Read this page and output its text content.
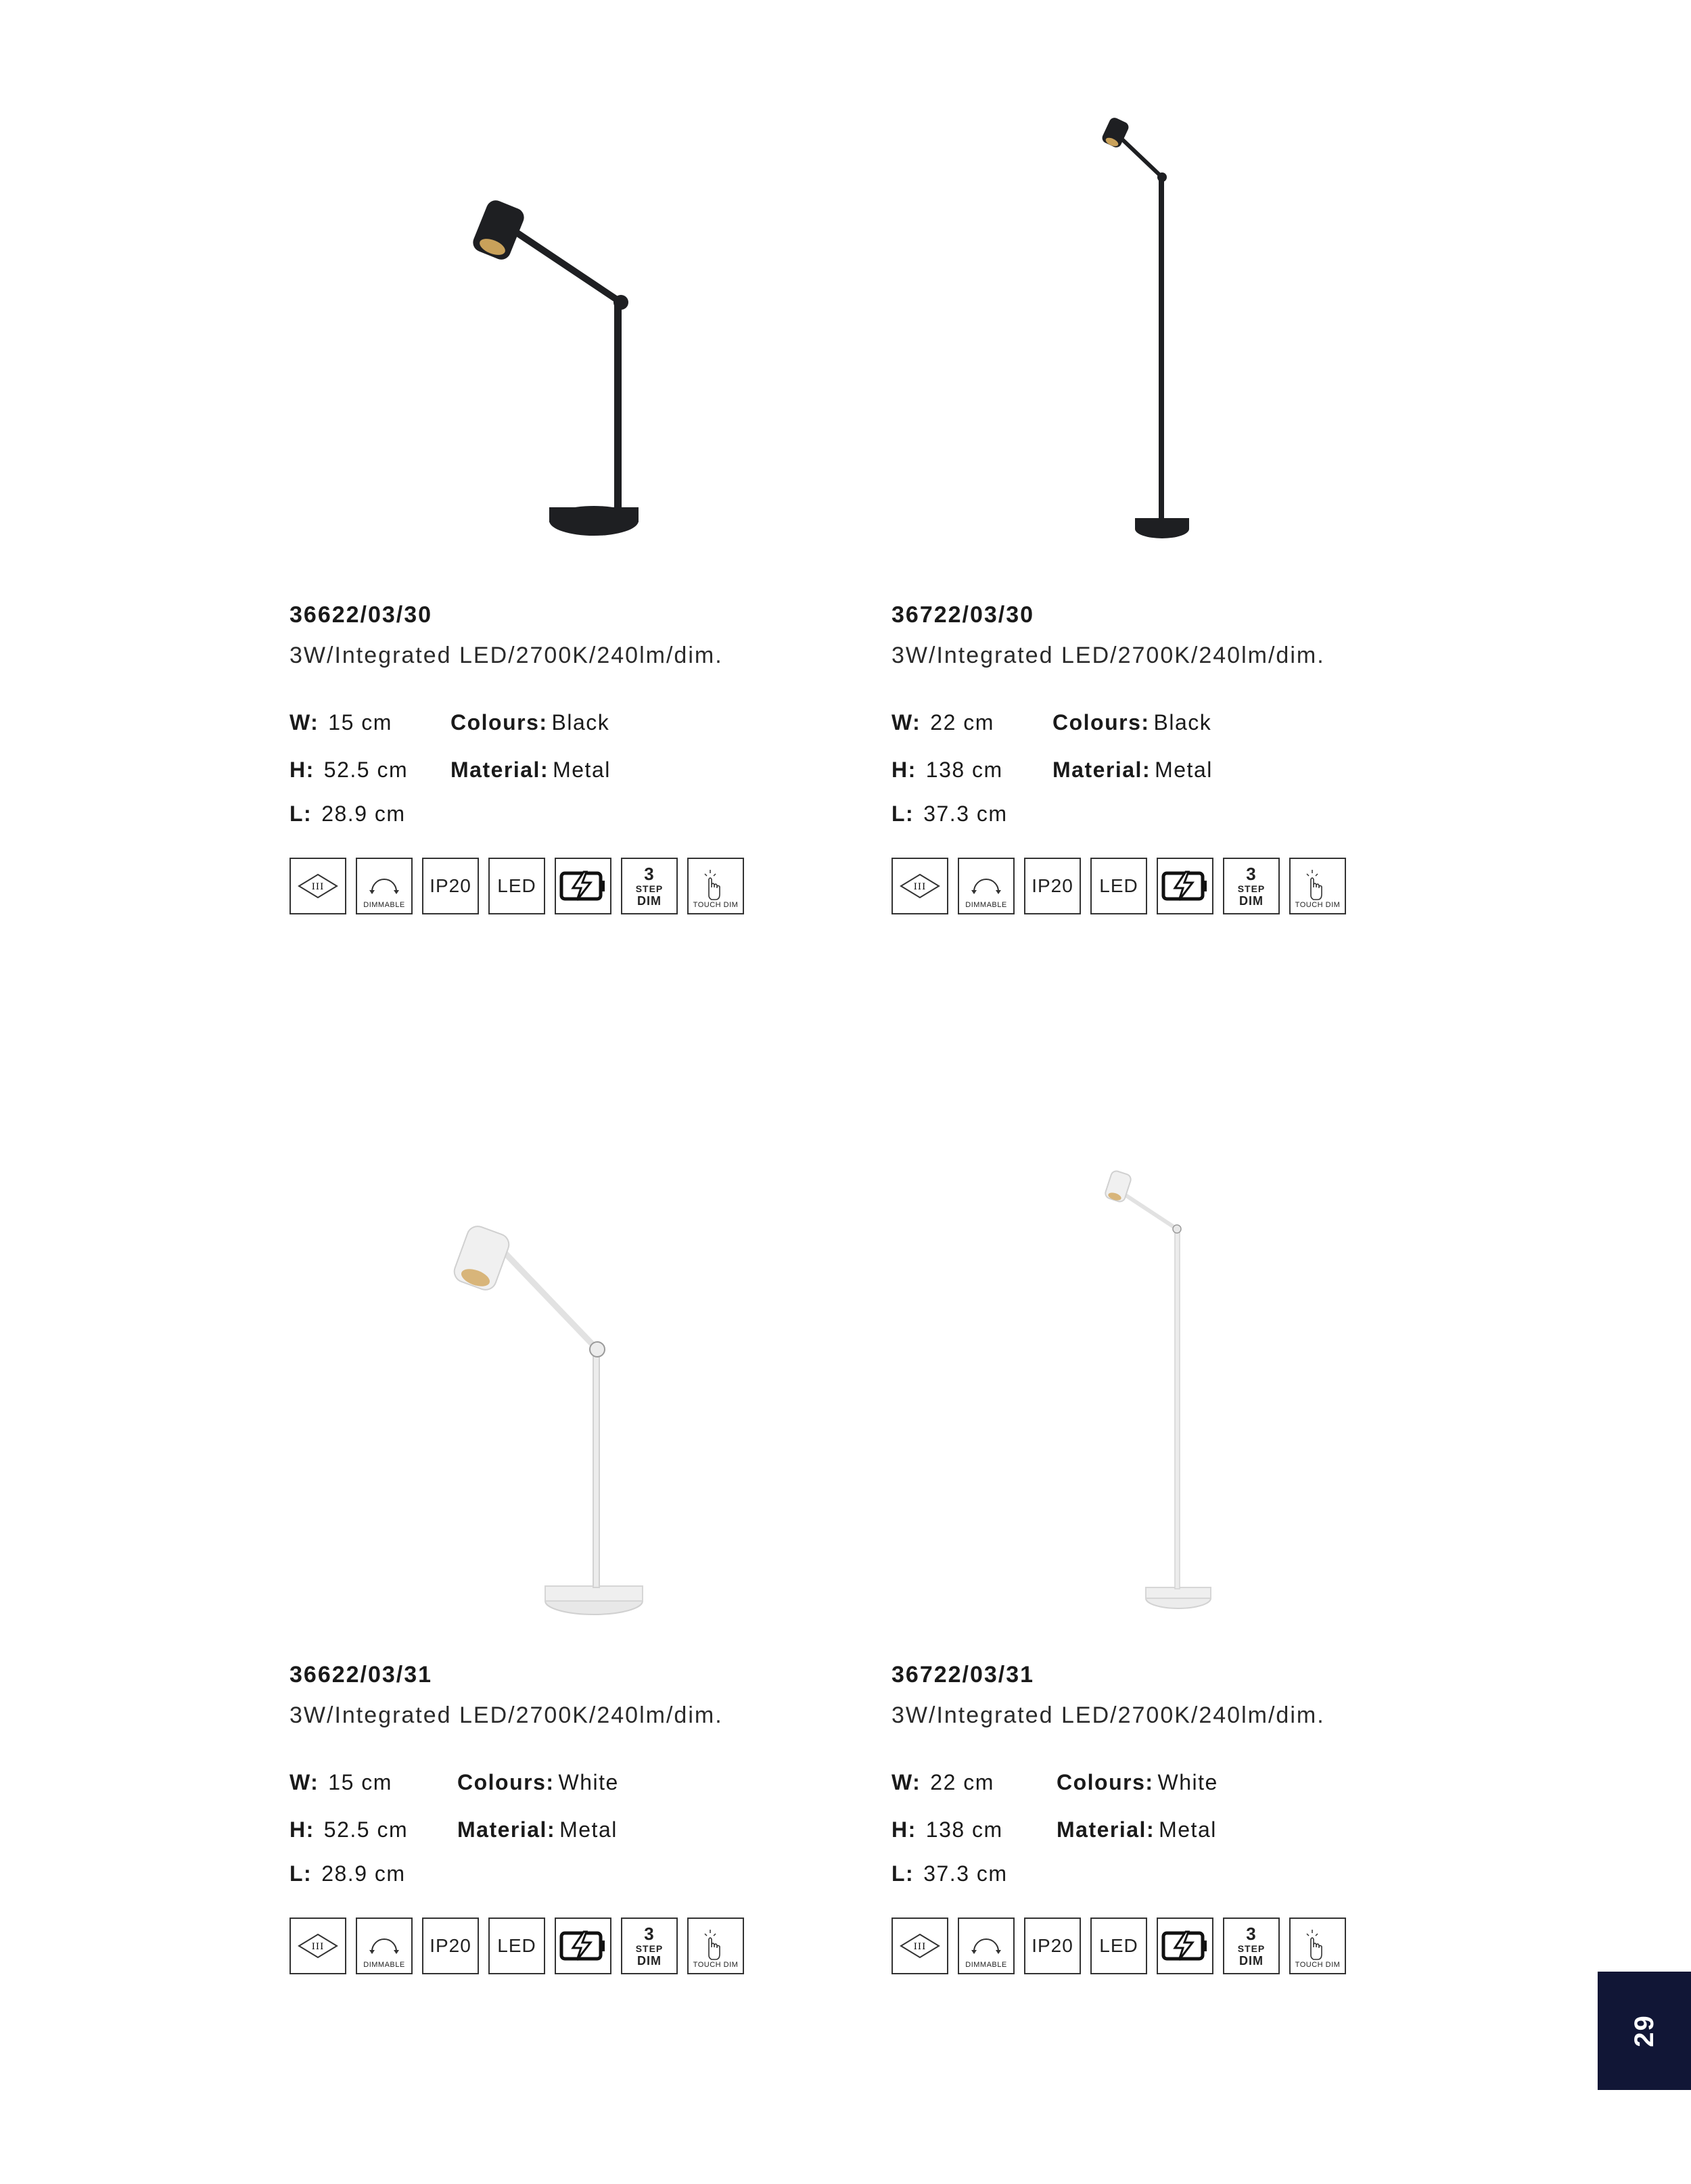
36622/03/30
3W/Integrated LED/2700K/240lm/dim.
W: 15 cm
H: 52.5 cm
L: 28.9 cm
Colours: Black
Material: Metal
III
DIMMABLE
IP20	LED
3
STEP
DIM	TOUCH DIM
36722/03/30
3W/Integrated LED/2700K/240lm/dim.
W: 22 cm
H: 138 cm
L: 37.3 cm
Colours: Black
Material: Metal
III
DIMMABLE
IP20	LED
3
STEP
DIM	TOUCH DIM
36622/03/31
3W/Integrated LED/2700K/240lm/dim.
W: 15 cm
H: 52.5 cm
L: 28.9 cm
Colours: White
Material: Metal
III
DIMMABLE
IP20	LED
3
STEP
DIM	TOUCH DIM
36722/03/31
3W/Integrated LED/2700K/240lm/dim.
W: 22 cm
H: 138 cm
L: 37.3 cm
Colours: White
Material: Metal
III
DIMMABLE
IP20	LED
3
STEP
DIM	TOUCH DIM
29
